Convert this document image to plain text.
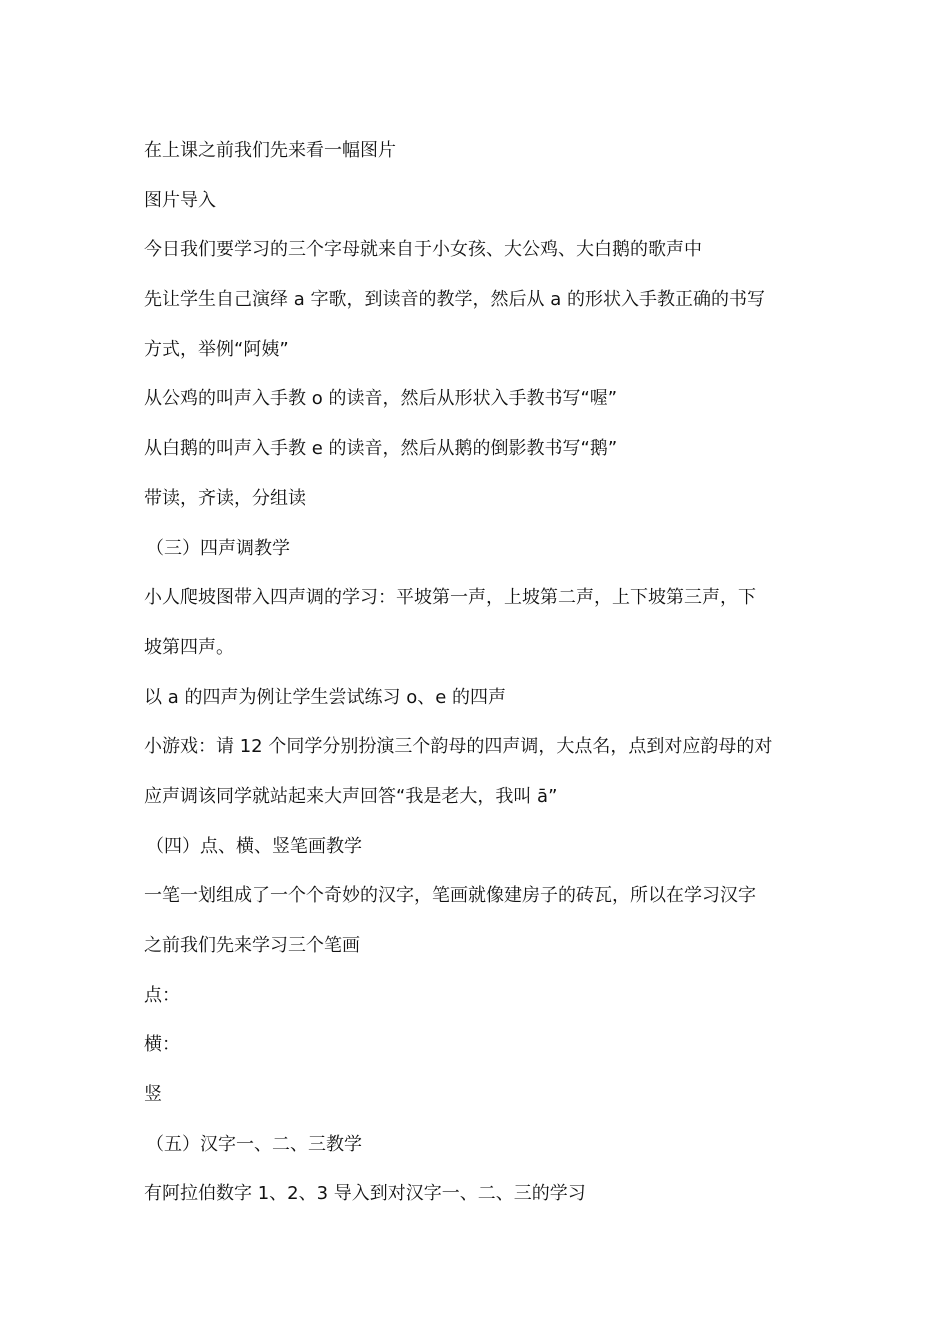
在上课之前我们先来看一幅图片
图片导入
今日我们要学习的三个字母就来自于小女孩、大公鸡、大白鹅的歌声中
先让学生自己演绎 a 字歌，到读音的教学，然后从 a 的形状入手教正确的书写
方式，举例“阿姨”
从公鸡的叫声入手教 o 的读音，然后从形状入手教书写“喔”
从白鹅的叫声入手教 e 的读音，然后从鹅的倒影教书写“鹅”
带读，齐读，分组读
（三）四声调教学
小人爬坡图带入四声调的学习：平坡第一声，上坡第二声，上下坡第三声，下
坡第四声。
以 a 的四声为例让学生尝试练习 o、e 的四声
小游戏：请 12 个同学分别扮演三个韵母的四声调，大点名，点到对应韵母的对
应声调该同学就站起来大声回答“我是老大，我叫 ā”
（四）点、横、竖笔画教学
一笔一划组成了一个个奇妙的汉字，笔画就像建房子的砖瓦，所以在学习汉字
之前我们先来学习三个笔画
点：
横：
竖
（五）汉字一、二、三教学
有阿拉伯数字 1、2、3 导入到对汉字一、二、三的学习
